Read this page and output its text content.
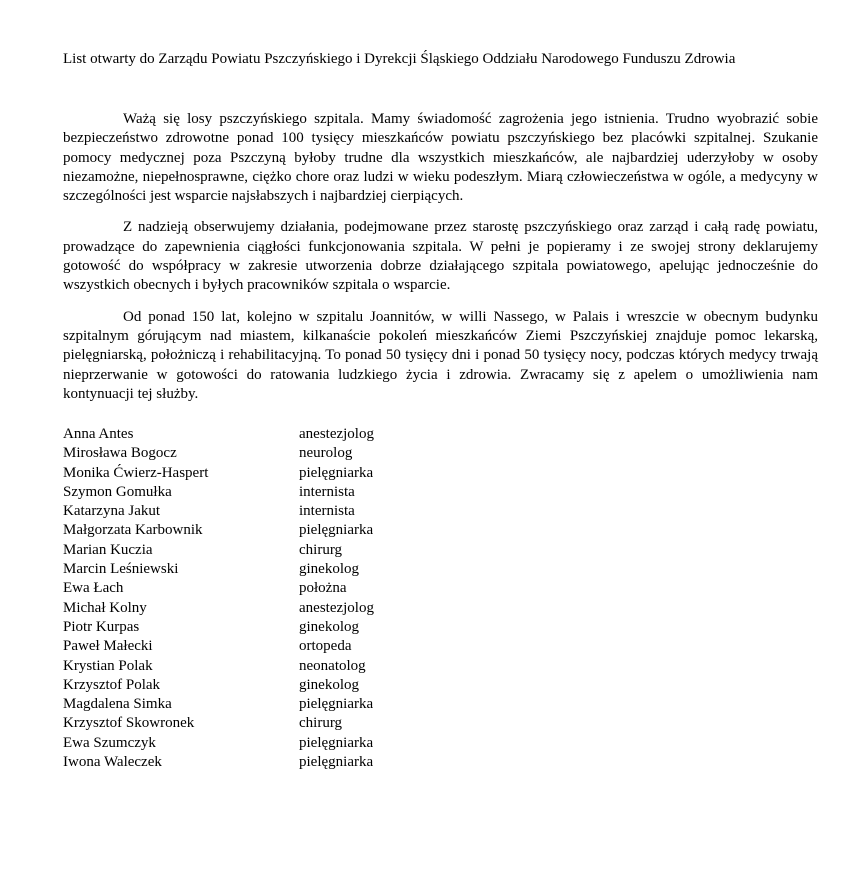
List otwarty do Zarządu Powiatu Pszczyńskiego i Dyrekcji Śląskiego Oddziału Narodowego Funduszu Zdrowia

Ważą się losy pszczyńskiego szpitala. Mamy świadomość zagrożenia jego istnienia. Trudno wyobrazić sobie bezpieczeństwo zdrowotne ponad 100 tysięcy mieszkańców powiatu pszczyńskiego bez placówki szpitalnej. Szukanie pomocy medycznej poza Pszczyną byłoby trudne dla wszystkich mieszkańców, ale najbardziej uderzyłoby w osoby niezamożne, niepełnosprawne, ciężko chore oraz ludzi w wieku podeszłym. Miarą człowieczeństwa w ogóle, a medycyny w szczególności jest wsparcie najsłabszych i najbardziej cierpiących.

Z nadzieją obserwujemy działania, podejmowane przez starostę pszczyńskiego oraz zarząd i całą radę powiatu, prowadzące do zapewnienia ciągłości funkcjonowania szpitala. W pełni je popieramy i ze swojej strony deklarujemy gotowość do współpracy w zakresie utworzenia dobrze działającego szpitala powiatowego, apelując jednocześnie do wszystkich obecnych i byłych pracowników szpitala o wsparcie.

Od ponad 150 lat, kolejno w szpitalu Joannitów, w willi Nassego, w Palais i wreszcie w obecnym budynku szpitalnym górującym nad miastem, kilkanaście pokoleń mieszkańców Ziemi Pszczyńskiej znajduje pomoc lekarską, pielęgniarską, położniczą i rehabilitacyjną. To ponad 50 tysięcy dni i ponad 50 tysięcy nocy, podczas których medycy trwają nieprzerwanie w gotowości do ratowania ludzkiego życia i zdrowia. Zwracamy się z apelem o umożliwienia nam kontynuacji tej służby.

Anna Antes	anestezjolog
Mirosława Bogocz	neurolog
Monika Ćwierz-Haspert	pielęgniarka
Szymon Gomułka	internista
Katarzyna Jakut	internista
Małgorzata Karbownik	pielęgniarka
Marian Kuczia	chirurg
Marcin Leśniewski	ginekolog
Ewa Łach	położna
Michał Kolny	anestezjolog
Piotr Kurpas	ginekolog
Paweł Małecki	ortopeda
Krystian Polak	neonatolog
Krzysztof Polak	ginekolog
Magdalena Simka	pielęgniarka
Krzysztof Skowronek	chirurg
Ewa Szumczyk	pielęgniarka
Iwona Waleczek	pielęgniarka
